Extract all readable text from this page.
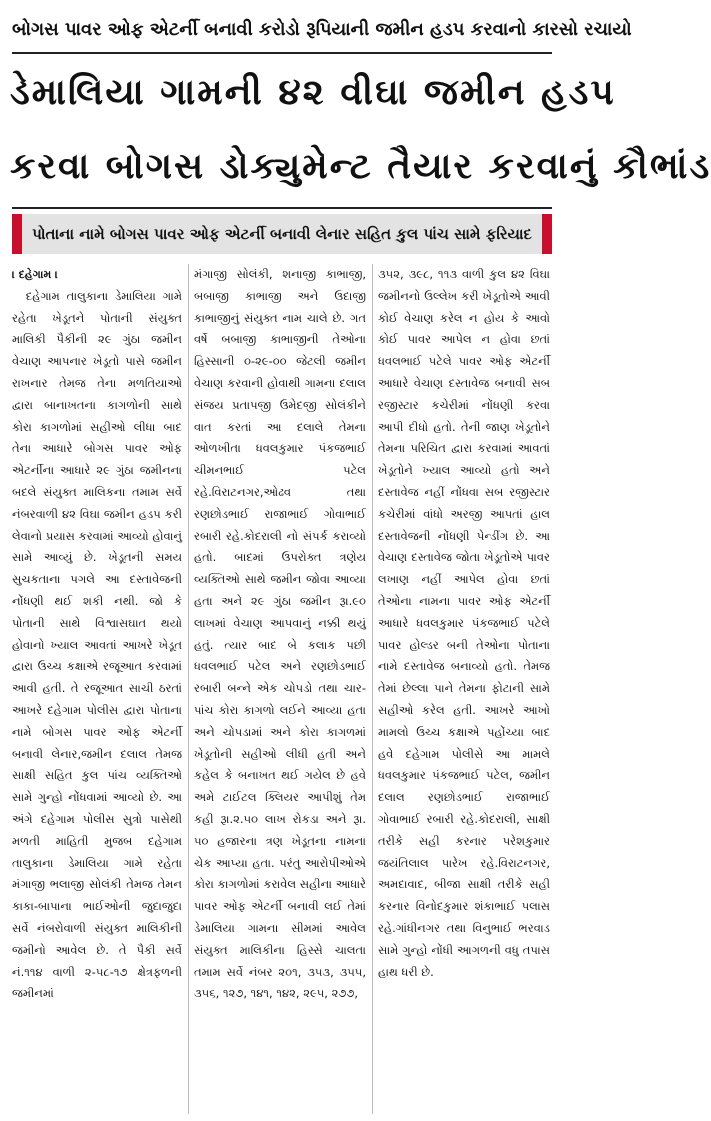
બોગસ પાવર ઓફ એટર્ની બનાવી કરોડો રૂપિયાની જમીન હડપ કરવાનો કારસો રચાયો
ડેમાલિયા ગામની ૪૨ વીઘા જમીન હડપ
કરવા બોગસ ડોક્યુમેન્ટ તૈયાર કરવાનું કૌભાંડ
પોતાના નામે બોગસ પાવર ઓફ એટર્ની બનાવી લેનાર સહિત કુલ પાંચ સામે ફરિયાદ
। દહેગામ ।

દહેગામ તાલુકાના ડેમાલિયા ગામે રહેતા ખેડૂતને પોતાની સંયુક્ત માલિકી પૈકીની ૨૯ ગુંઠા જમીન વેચાણ આપનાર ખેડૂતો પાસે જમીન રાખનાર તેમજ તેના મળતિયાઓ દ્વારા બાનાખતના કાગળોની સાથે કોરા કાગળોમાં સહીઓ લીધા બાદ તેના આધારે બોગસ પાવર ઓફ એટર્નીના આધારે ૨૯ ગુંઠા જમીનના બદલે સંયુક્ત માલિકના તમામ સર્વે નંબરવાળી ૪૨ વિઘા જમીન હડપ કરી લેવાનો પ્રયાસ કરવામાં આવ્યો હોવાનું સામે આવ્યું છે. ખેડૂતની સમય સુચકતાના પગલે આ દસ્તાવેજની નોંધણી થઈ શકી નથી. જો કે પોતાની સાથે વિશ્વાસઘાત થયો હોવાનો ખ્યાલ આવતાં આખરે ખેડૂત દ્વારા ઉચ્ચ કક્ષાએ રજૂઆત કરવામાં આવી હતી. તે રજૂઆત સાચી ઠરતાં આખરે દહેગામ પોલીસ દ્વારા પોતાના નામે બોગસ પાવર ઓફ એટર્ની બનાવી લેનાર,જમીન દલાલ તેમજ સાક્ષી સહિત કુલ પાંચ વ્યક્તિઓ સામે ગુન્હો નોંધવામાં આવ્યો છે. આ અંગે દહેગામ પોલીસ સુત્રો પાસેથી મળતી માહિતી મુજબ દહેગામ તાલુકાના ડેમાલિયા ગામે રહેતા મંગાજી ભલાજી સોલંકી તેમજ તેમન કાકા-બાપાના ભાઈઓની જુદાજુદા સર્વે નંબરોવાળી સંયુક્ત માલિકીની જમીનો આવેલ છે. તે પૈકી સર્વે નં.૧૧૪ વાળી ૨-૫૮-૧૭ ક્ષેત્રફળની જમીનમાં

મંગાજી સોલંકી, શનાજી કાભાજી, બબાજી કાભાજી અને ઉદાજી કાભાજીનું સંયુક્ત નામ ચાલે છે. ગત વર્ષે બબાજી કાભાજીની તેઓના હિસ્સાની ૦-૨૯-૦૦ જેટલી જમીન વેચાણ કરવાની હોવાથી ગામના દલાલ સંજય પ્રતાપજી ઉમેદજી સોલંકીને વાત કરતાં આ દલાલે તેમના ઓળખીતા ધવલકુમાર પંકજભાઈ ચીમનભાઈ પટેલ રહે.વિરાટનગર,ઓઢવ તથા રણછોડભાઈ રાજાભાઈ ગોવાભાઈ રબારી રહે.કોદરાલી નો સંપર્ક કરાવ્યો હતો. બાદમાં ઉપરોક્ત ત્રણેય વ્યક્તિઓ સાથે જમીન જોવા આવ્યા હતા અને ૨૯ ગુંઠા જમીન રૂા.૯૦ લાખમાં વેચાણ આપવાનું નક્કી થયું હતું. ત્યાર બાદ બે કલાક પછી ધવલભાઈ પટેલ અને રણછોડભાઈ રબારી બન્ને એક ચોપડો તથા ચાર-પાંચ કોરા કાગળો લઈને આવ્યા હતા અને ચોપડામાં અને કોરા કાગળમાં ખેડૂતોની સહીઓ લીધી હતી અને કહેલ કે બનાખત થઈ ગયેલ છે હવે અમે ટાઈટલ ક્લિયર આપીશું તેમ કહી રૂા.૨.૫૦ લાખ રોકડા અને રૂા. ૫૦ હજારના ત્રણ ખેડૂતના નામના ચેક આપ્યા હતા. પરંતુ આરોપીઓએ કોરા કાગળોમાં કરાવેલ સહીના આધારે પાવર ઓફ એટર્ની બનાવી લઈ તેમાં ડેમાલિયા ગામના સીમમાં આવેલ સંયુક્ત માલિકીના હિસ્સે ચાલતા તમામ સર્વે નંબર ૨૦૧, ૩૫૩, ૩૫૫, ૩૫૬, ૧૨૭, ૧૪૧, ૧૪૨, ૨૯૫, ૨૭૭,

૩૫૨, ૩૯૮, ૧૧૩ વાળી કુલ ૪૨ વિઘા જમીનનો ઉલ્લેખ કરી ખેડૂતોએ આવી કોઈ વેચાણ કરેલ ન હોય કે આવો કોઈ પાવર આપેલ ન હોવા છતાં ધવલભાઈ પટેલે પાવર ઓફ એટર્ની આધારે વેચાણ દસ્તાવેજ બનાવી સબ રજીસ્ટાર કચેરીમાં નોંધણી કરવા આપી દીધો હતો. તેની જાણ ખેડૂતોને તેમના પરિચિત દ્વારા કરવામાં આવતાં ખેડૂતોને ખ્યાલ આવ્યો હતો અને દસ્તાવેજ નહીં નોંધવા સબ રજીસ્ટાર કચેરીમાં વાંધો અરજી આપતાં હાલ દસ્તાવેજની નોંધણી પેન્ડીંગ છે. આ વેચાણ દસ્તાવેજ જોતા ખેડૂતોએ પાવર લખાણ નહીં આપેલ હોવા છતાં તેઓના નામના પાવર ઓફ એટર્ની આધારે ધવલકુમાર પંકજભાઈ પટેલે પાવર હોલ્ડર બની તેઓના પોતાના નામે દસ્તાવેજ બનાવ્યો હતો. તેમજ તેમાં છેલ્લા પાને તેમના ફોટાની સામે સહીઓ કરેલ હતી. આખરે આખો મામલો ઉચ્ચ કક્ષાએ પહોંચ્યા બાદ હવે દહેગામ પોલીસે આ મામલે ધવલકુમાર પંકજભાઈ પટેલ, જમીન દલાલ રણછોડભાઈ રાજાભાઈ ગોવાભાઈ રબારી રહે.કોદરાલી, સાક્ષી તરીકે સહી કરનાર પરેશકુમાર જયંતિલાલ પારેખ રહે.વિરાટનગર, અમદાવાદ, બીજા સાક્ષી તરીકે સહી કરનાર વિનોદકુમાર શંકાભાઈ પલાસ રહે.ગાંધીનગર તથા વિનુભાઈ ભરવાડ સામે ગુન્હો નોંધી આગળની વધુ તપાસ હાથ ધરી છે.
